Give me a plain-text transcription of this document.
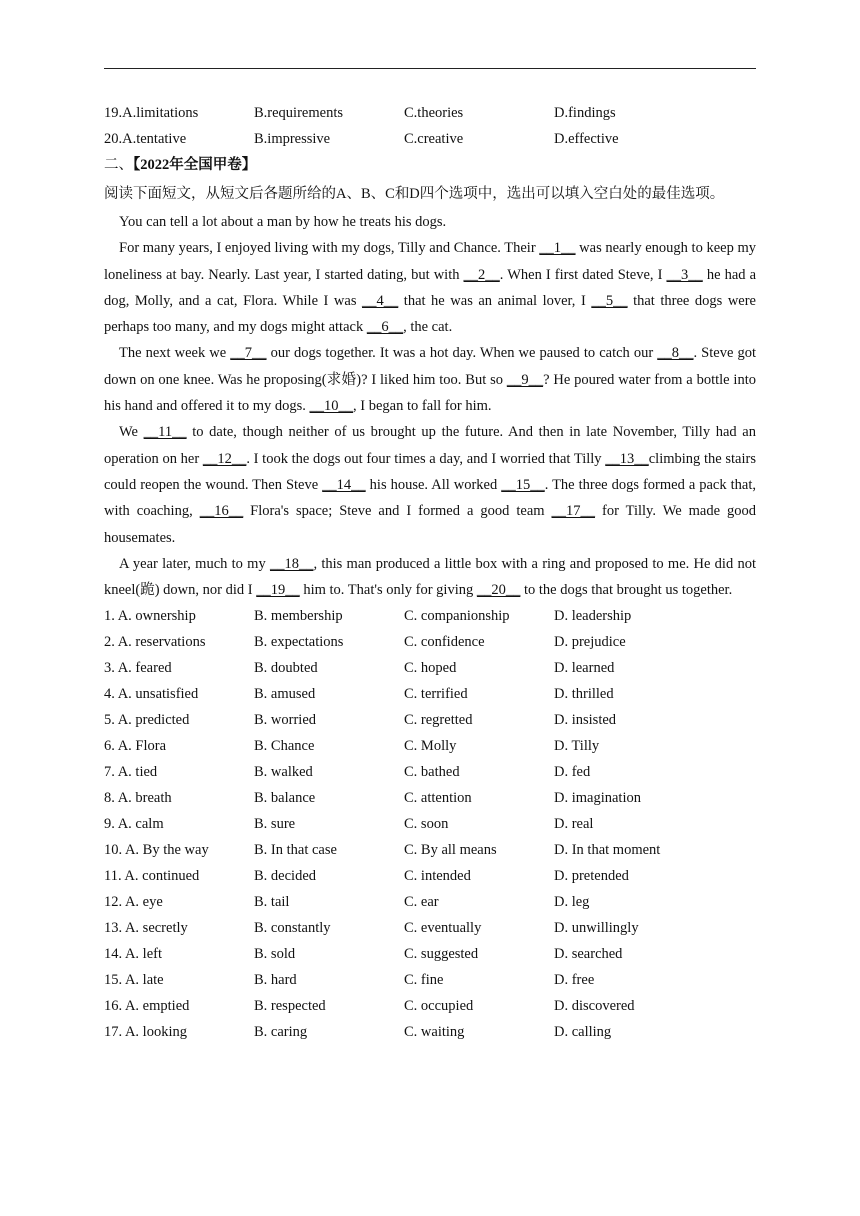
19.A.limitations	B.requirements	C.theories	D.findings
20.A.tentative	B.impressive	C.creative	D.effective
二、【2022年全国甲卷】
阅读下面短文，从短文后各题所给的A、B、C和D四个选项中，选出可以填入空白处的最佳选项。
You can tell a lot about a man by how he treats his dogs.
For many years, I enjoyed living with my dogs, Tilly and Chance. Their __1__ was nearly enough to keep my loneliness at bay. Nearly. Last year, I started dating, but with __2__. When I first dated Steve, I __3__ he had a dog, Molly, and a cat, Flora. While I was __4__ that he was an animal lover, I __5__ that three dogs were perhaps too many, and my dogs might attack __6__, the cat.
The next week we __7__ our dogs together. It was a hot day. When we paused to catch our __8__. Steve got down on one knee. Was he proposing(求婚)? I liked him too. But so __9__? He poured water from a bottle into his hand and offered it to my dogs. __10__, I began to fall for him.
We __11__ to date, though neither of us brought up the future. And then in late November, Tilly had an operation on her __12__. I took the dogs out four times a day, and I worried that Tilly __13__climbing the stairs could reopen the wound. Then Steve __14__ his house. All worked __15__. The three dogs formed a pack that, with coaching, __16__ Flora's space; Steve and I formed a good team __17__ for Tilly. We made good housemates.
A year later, much to my __18__, this man produced a little box with a ring and proposed to me. He did not kneel(跪) down, nor did I __19__ him to. That's only for giving __20__ to the dogs that brought us together.
1. A. ownership	B. membership	C. companionship	D. leadership
2. A. reservations	B. expectations	C. confidence	D. prejudice
3. A. feared	B. doubted	C. hoped	D. learned
4. A. unsatisfied	B. amused	C. terrified	D. thrilled
5. A. predicted	B. worried	C. regretted	D. insisted
6. A. Flora	B. Chance	C. Molly	D. Tilly
7. A. tied	B. walked	C. bathed	D. fed
8. A. breath	B. balance	C. attention	D. imagination
9. A. calm	B. sure	C. soon	D. real
10. A. By the way	B. In that case	C. By all means	D. In that moment
11. A. continued	B. decided	C. intended	D. pretended
12. A. eye	B. tail	C. ear	D. leg
13. A. secretly	B. constantly	C. eventually	D. unwillingly
14. A. left	B. sold	C. suggested	D. searched
15. A. late	B. hard	C. fine	D. free
16. A. emptied	B. respected	C. occupied	D. discovered
17. A. looking	B. caring	C. waiting	D. calling
